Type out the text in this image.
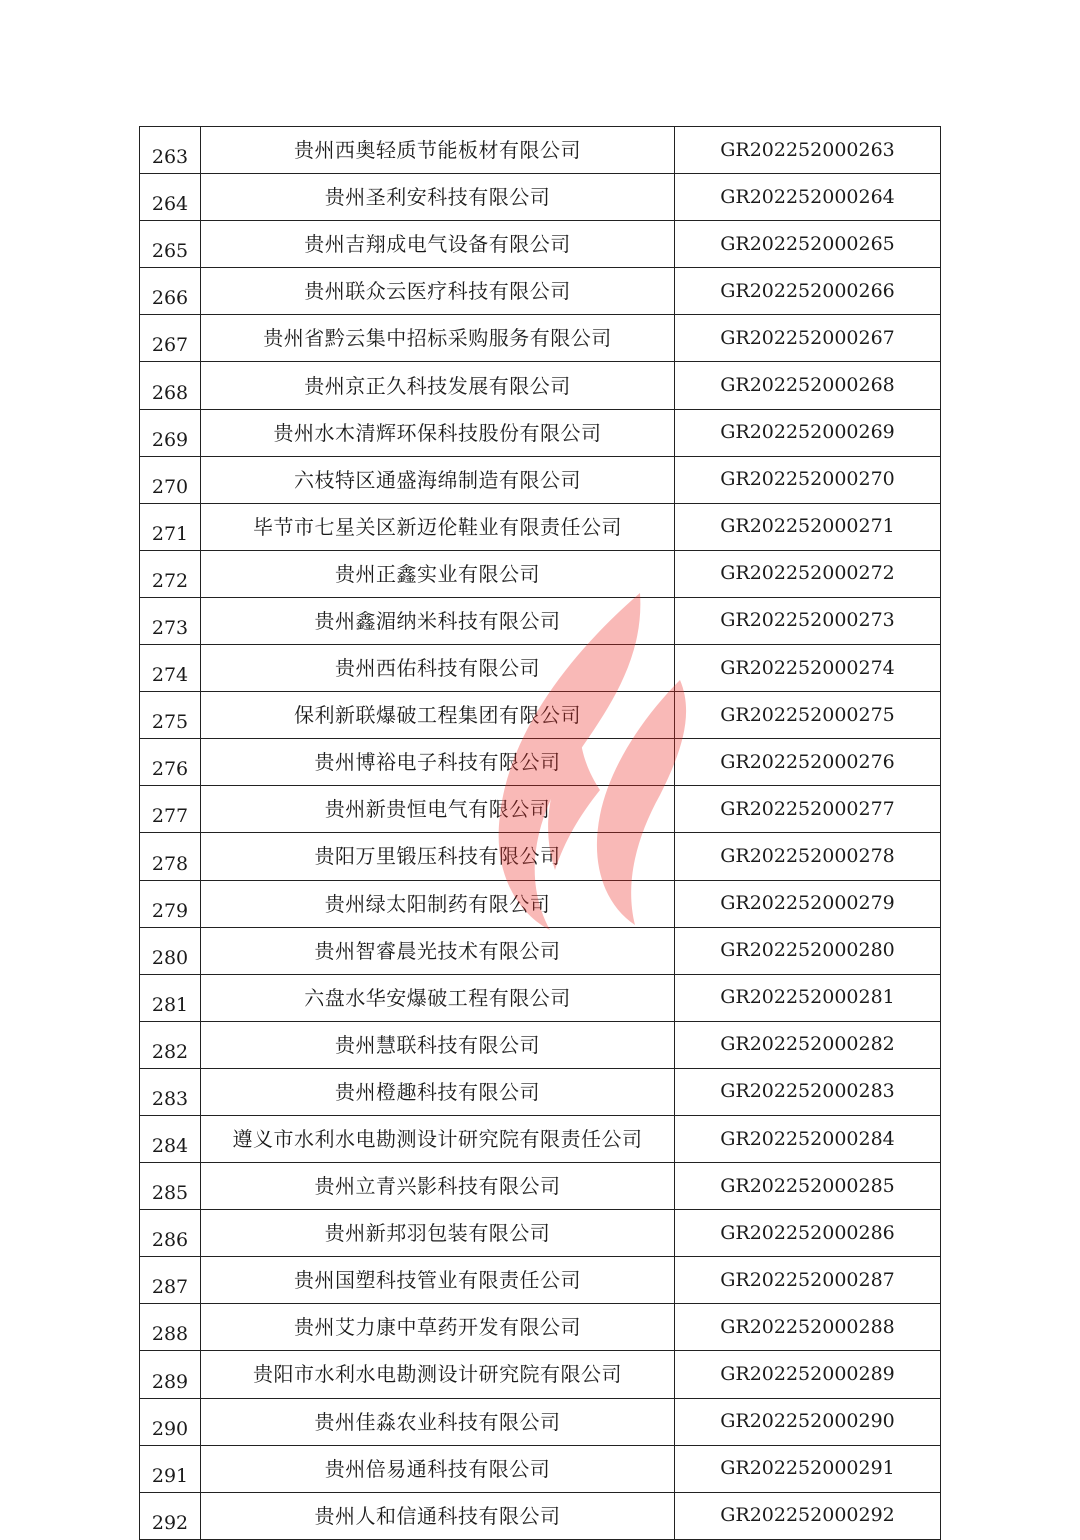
263	贵州西奥轻质节能板材有限公司	GR202252000263
264	贵州圣利安科技有限公司	GR202252000264
265	贵州吉翔成电气设备有限公司	GR202252000265
266	贵州联众云医疗科技有限公司	GR202252000266
267	贵州省黔云集中招标采购服务有限公司	GR202252000267
268	贵州京正久科技发展有限公司	GR202252000268
269	贵州水木清辉环保科技股份有限公司	GR202252000269
270	六枝特区通盛海绵制造有限公司	GR202252000270
271	毕节市七星关区新迈伦鞋业有限责任公司	GR202252000271
272	贵州正鑫实业有限公司	GR202252000272
273	贵州鑫湄纳米科技有限公司	GR202252000273
274	贵州西佑科技有限公司	GR202252000274
275	保利新联爆破工程集团有限公司	GR202252000275
276	贵州博裕电子科技有限公司	GR202252000276
277	贵州新贵恒电气有限公司	GR202252000277
278	贵阳万里锻压科技有限公司	GR202252000278
279	贵州绿太阳制药有限公司	GR202252000279
280	贵州智睿晨光技术有限公司	GR202252000280
281	六盘水华安爆破工程有限公司	GR202252000281
282	贵州慧联科技有限公司	GR202252000282
283	贵州橙趣科技有限公司	GR202252000283
284	遵义市水利水电勘测设计研究院有限责任公司	GR202252000284
285	贵州立青兴影科技有限公司	GR202252000285
286	贵州新邦羽包装有限公司	GR202252000286
287	贵州国塑科技管业有限责任公司	GR202252000287
288	贵州艾力康中草药开发有限公司	GR202252000288
289	贵阳市水利水电勘测设计研究院有限公司	GR202252000289
290	贵州佳淼农业科技有限公司	GR202252000290
291	贵州倍易通科技有限公司	GR202252000291
292	贵州人和信通科技有限公司	GR202252000292
